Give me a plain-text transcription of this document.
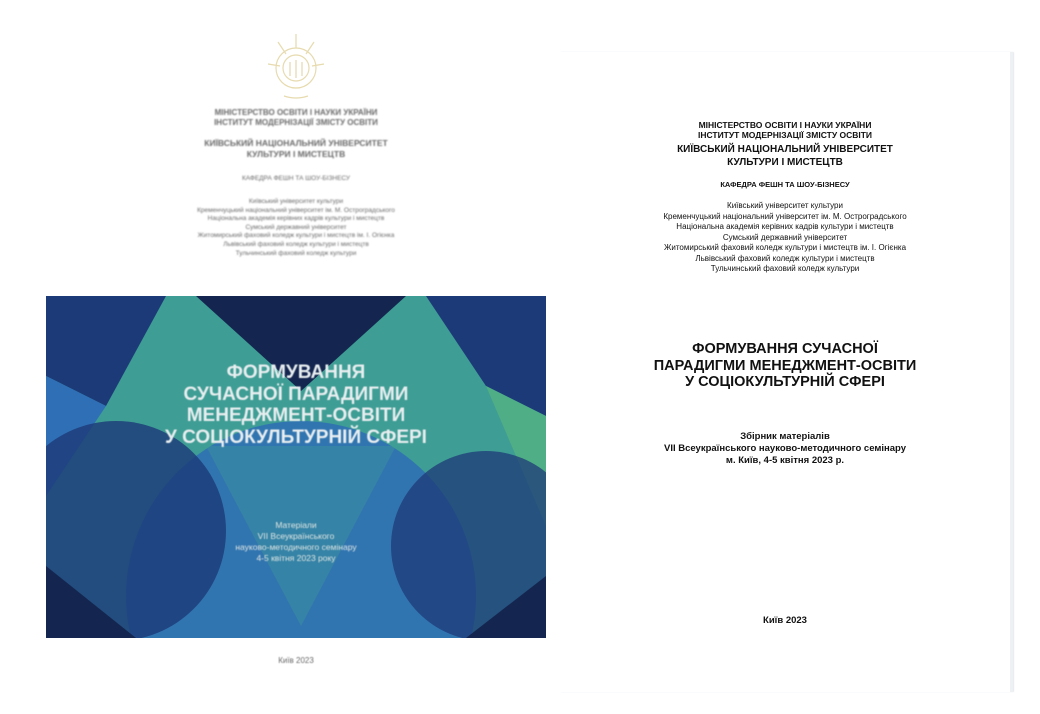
МІНІСТЕРСТВО ОСВІТИ І НАУКИ УКРАЇНИ
ІНСТИТУТ МОДЕРНІЗАЦІЇ ЗМІСТУ ОСВІТИ
КИЇВСЬКИЙ НАЦІОНАЛЬНИЙ УНІВЕРСИТЕТ
КУЛЬТУРИ І МИСТЕЦТВ
КАФЕДРА ФЕШН ТА ШОУ-БІЗНЕСУ
Київський університет культури
Кременчуцький національний університет ім. М. Остроградського
Національна академія керівних кадрів культури і мистецтв
Сумський державний університет
Житомирський фаховий коледж культури і мистецтв ім. І. Огієнка
Львівський фаховий коледж культури і мистецтв
Тульчинський фаховий коледж культури
ФОРМУВАННЯ
СУЧАСНОЇ ПАРАДИГМИ
МЕНЕДЖМЕНТ-ОСВІТИ
У СОЦІОКУЛЬТУРНІЙ СФЕРІ
Матеріали
VII Всеукраїнського
науково-методичного семінару
4-5 квітня 2023 року
Київ 2023
МІНІСТЕРСТВО ОСВІТИ І НАУКИ УКРАЇНИ
ІНСТИТУТ МОДЕРНІЗАЦІЇ ЗМІСТУ ОСВІТИ
КИЇВСЬКИЙ НАЦІОНАЛЬНИЙ УНІВЕРСИТЕТ
КУЛЬТУРИ І МИСТЕЦТВ
КАФЕДРА ФЕШН ТА ШОУ-БІЗНЕСУ
Київський університет культури
Кременчуцький національний університет ім. М. Остроградського
Національна академія керівних кадрів культури і мистецтв
Сумський державний університет
Житомирський фаховий коледж культури і мистецтв ім. І. Огієнка
Львівський фаховий коледж культури і мистецтв
Тульчинський фаховий коледж культури
ФОРМУВАННЯ СУЧАСНОЇ
ПАРАДИГМИ МЕНЕДЖМЕНТ-ОСВІТИ
У СОЦІОКУЛЬТУРНІЙ СФЕРІ
Збірник матеріалів
VII Всеукраїнського науково-методичного семінару
м. Київ, 4-5 квітня 2023 р.
Київ 2023
